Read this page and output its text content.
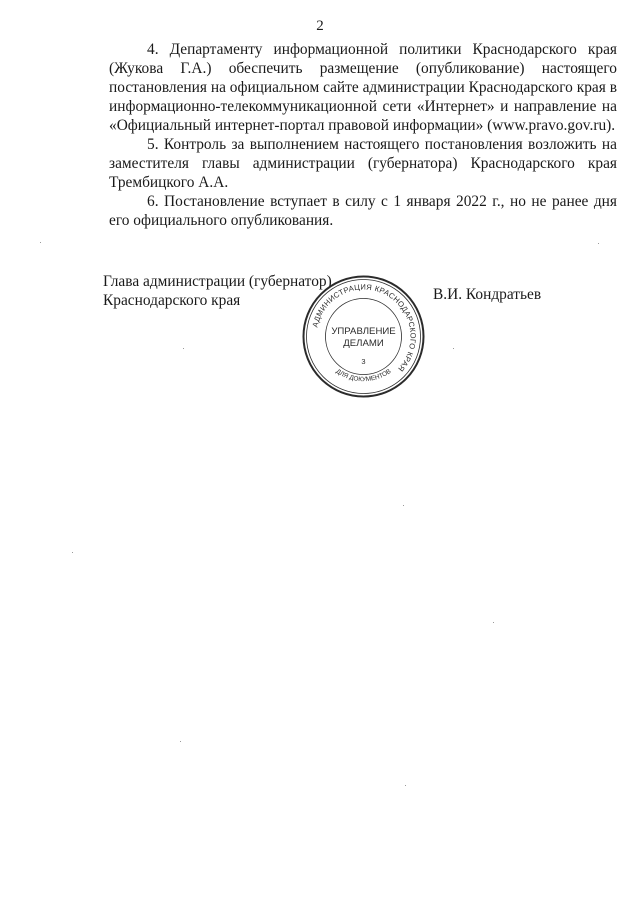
2

4. Департаменту информационной политики Краснодарского края (Жукова Г.А.) обеспечить размещение (опубликование) настоящего постановления на официальном сайте администрации Краснодарского края в информационно-телекоммуникационной сети «Интернет» и направление на «Официальный интернет-портал правовой информации» (www.pravo.gov.ru).

5. Контроль за выполнением настоящего постановления возложить на заместителя главы администрации (губернатора) Краснодарского края Трембицкого А.А.

6. Постановление вступает в силу с 1 января 2022 г., но не ранее дня его официального опубликования.

Глава администрации (губернатор)
Краснодарского края	В.И. Кондратьев
АДМИНИСТРАЦИЯ КРАСНОДАРСКОГО КРАЯ
ДЛЯ ДОКУМЕНТОВ
УПРАВЛЕНИЕ
ДЕЛАМИ
3
